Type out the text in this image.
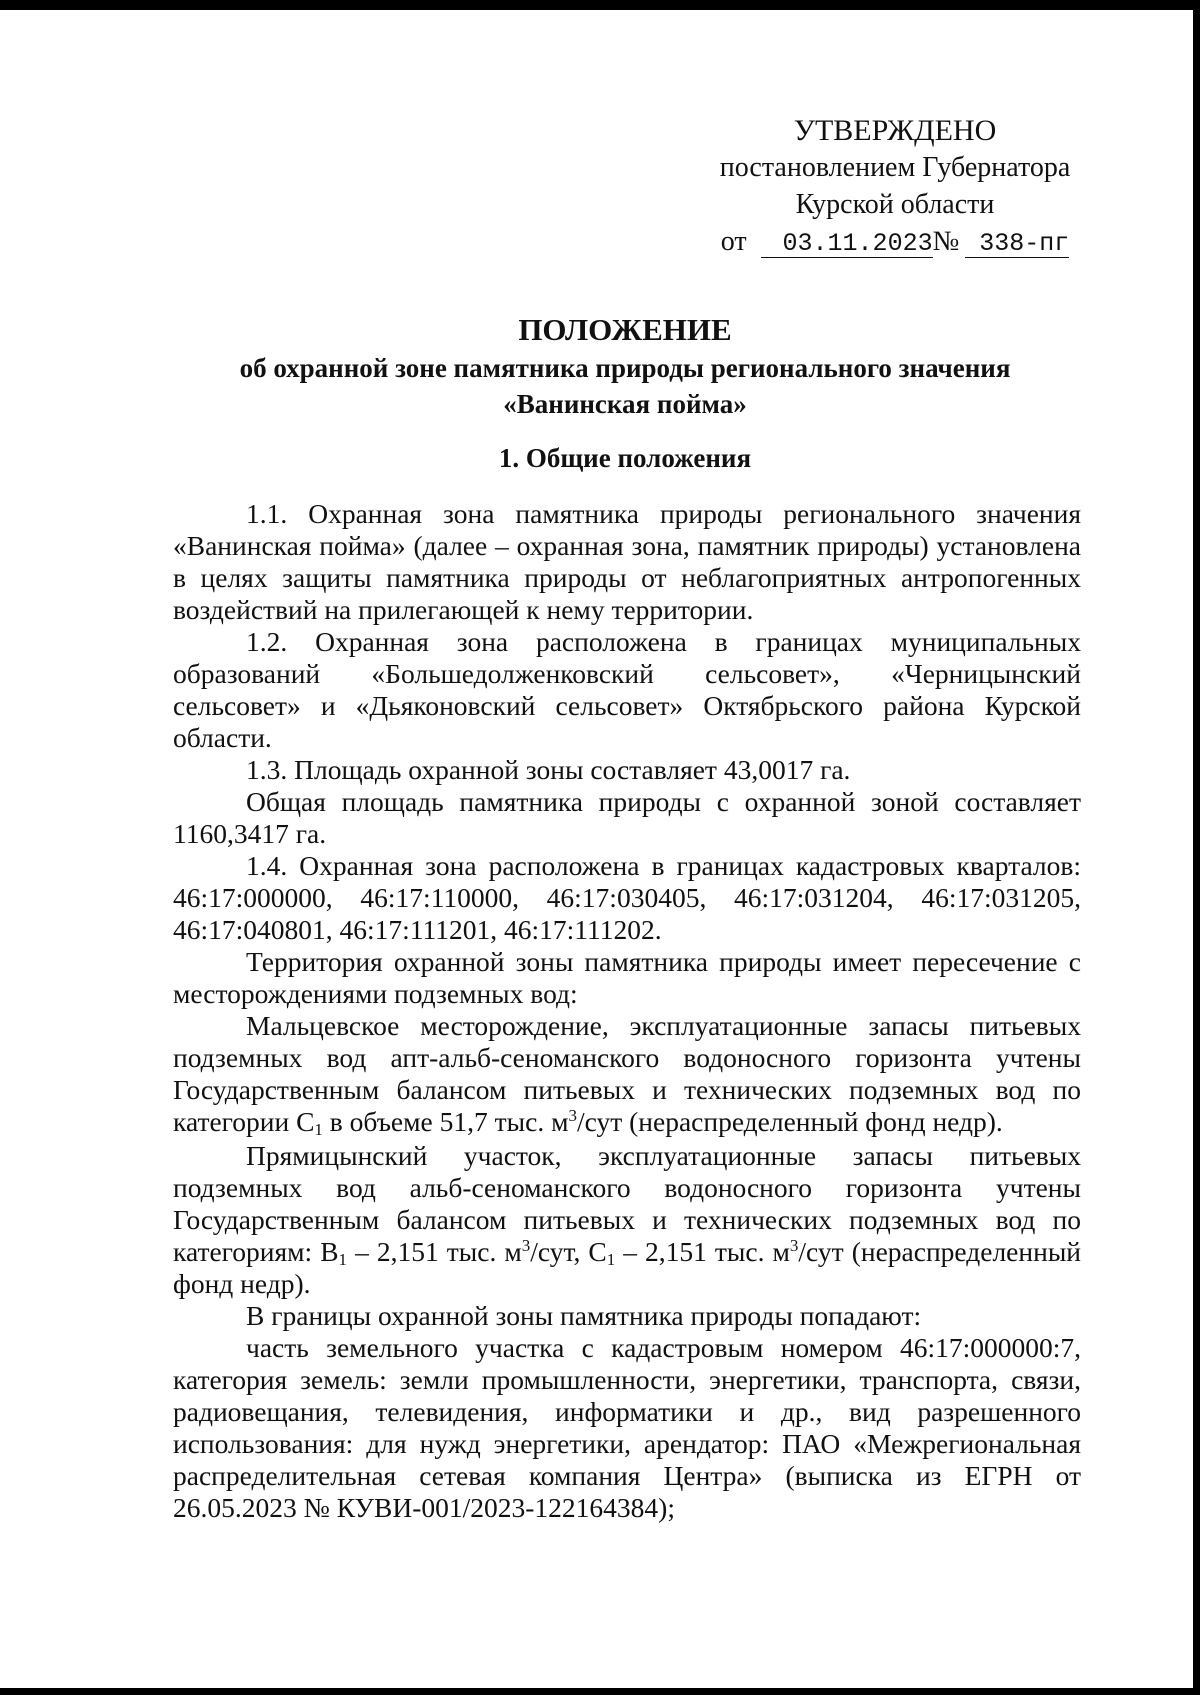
УТВЕРЖДЕНО
постановлением Губернатора
Курской области
от	03.11.2023 № 338-пг
ПОЛОЖЕНИЕ
об охранной зоне памятника природы регионального значения
«Ванинская пойма»
1. Общие положения

1.1. Охранная зона памятника природы регионального значения «Ванинская пойма» (далее – охранная зона, памятник природы) установлена в целях защиты памятника природы от неблагоприятных антропогенных воздействий на прилегающей к нему территории.

1.2. Охранная зона расположена в границах муниципальных образований «Большедолженковский сельсовет», «Черницынский сельсовет» и «Дьяконовский сельсовет» Октябрьского района Курской области.

1.3. Площадь охранной зоны составляет 43,0017 га.

Общая площадь памятника природы с охранной зоной составляет 1160,3417 га.

1.4. Охранная зона расположена в границах кадастровых кварталов: 46:17:000000, 46:17:110000, 46:17:030405, 46:17:031204, 46:17:031205, 46:17:040801, 46:17:111201, 46:17:111202.

Территория охранной зоны памятника природы имеет пересечение с месторождениями подземных вод:

Мальцевское месторождение, эксплуатационные запасы питьевых подземных вод апт-альб-сеноманского водоносного горизонта учтены Государственным балансом питьевых и технических подземных вод по категории $С_1$ в объеме 51,7 тыс. $м^3$/сут (нераспределенный фонд недр).

Прямицынский участок, эксплуатационные запасы питьевых подземных вод альб-сеноманского водоносного горизонта учтены Государственным балансом питьевых и технических подземных вод по категориям: $B_1 - 2,151$ тыс. $м^3$/сут, $С_1 - 2,151$ тыс. $м^3$/сут (нераспределенный фонд недр).

В границы охранной зоны памятника природы попадают:

часть земельного участка с кадастровым номером 46:17:000000:7, категория земель: земли промышленности, энергетики, транспорта, связи, радиовещания, телевидения, информатики и др., вид разрешенного использования: для нужд энергетики, арендатор: ПАО «Межрегиональная распределительная сетевая компания Центра» (выписка из ЕГРН от 26.05.2023 № КУВИ-001/2023-122164384);
